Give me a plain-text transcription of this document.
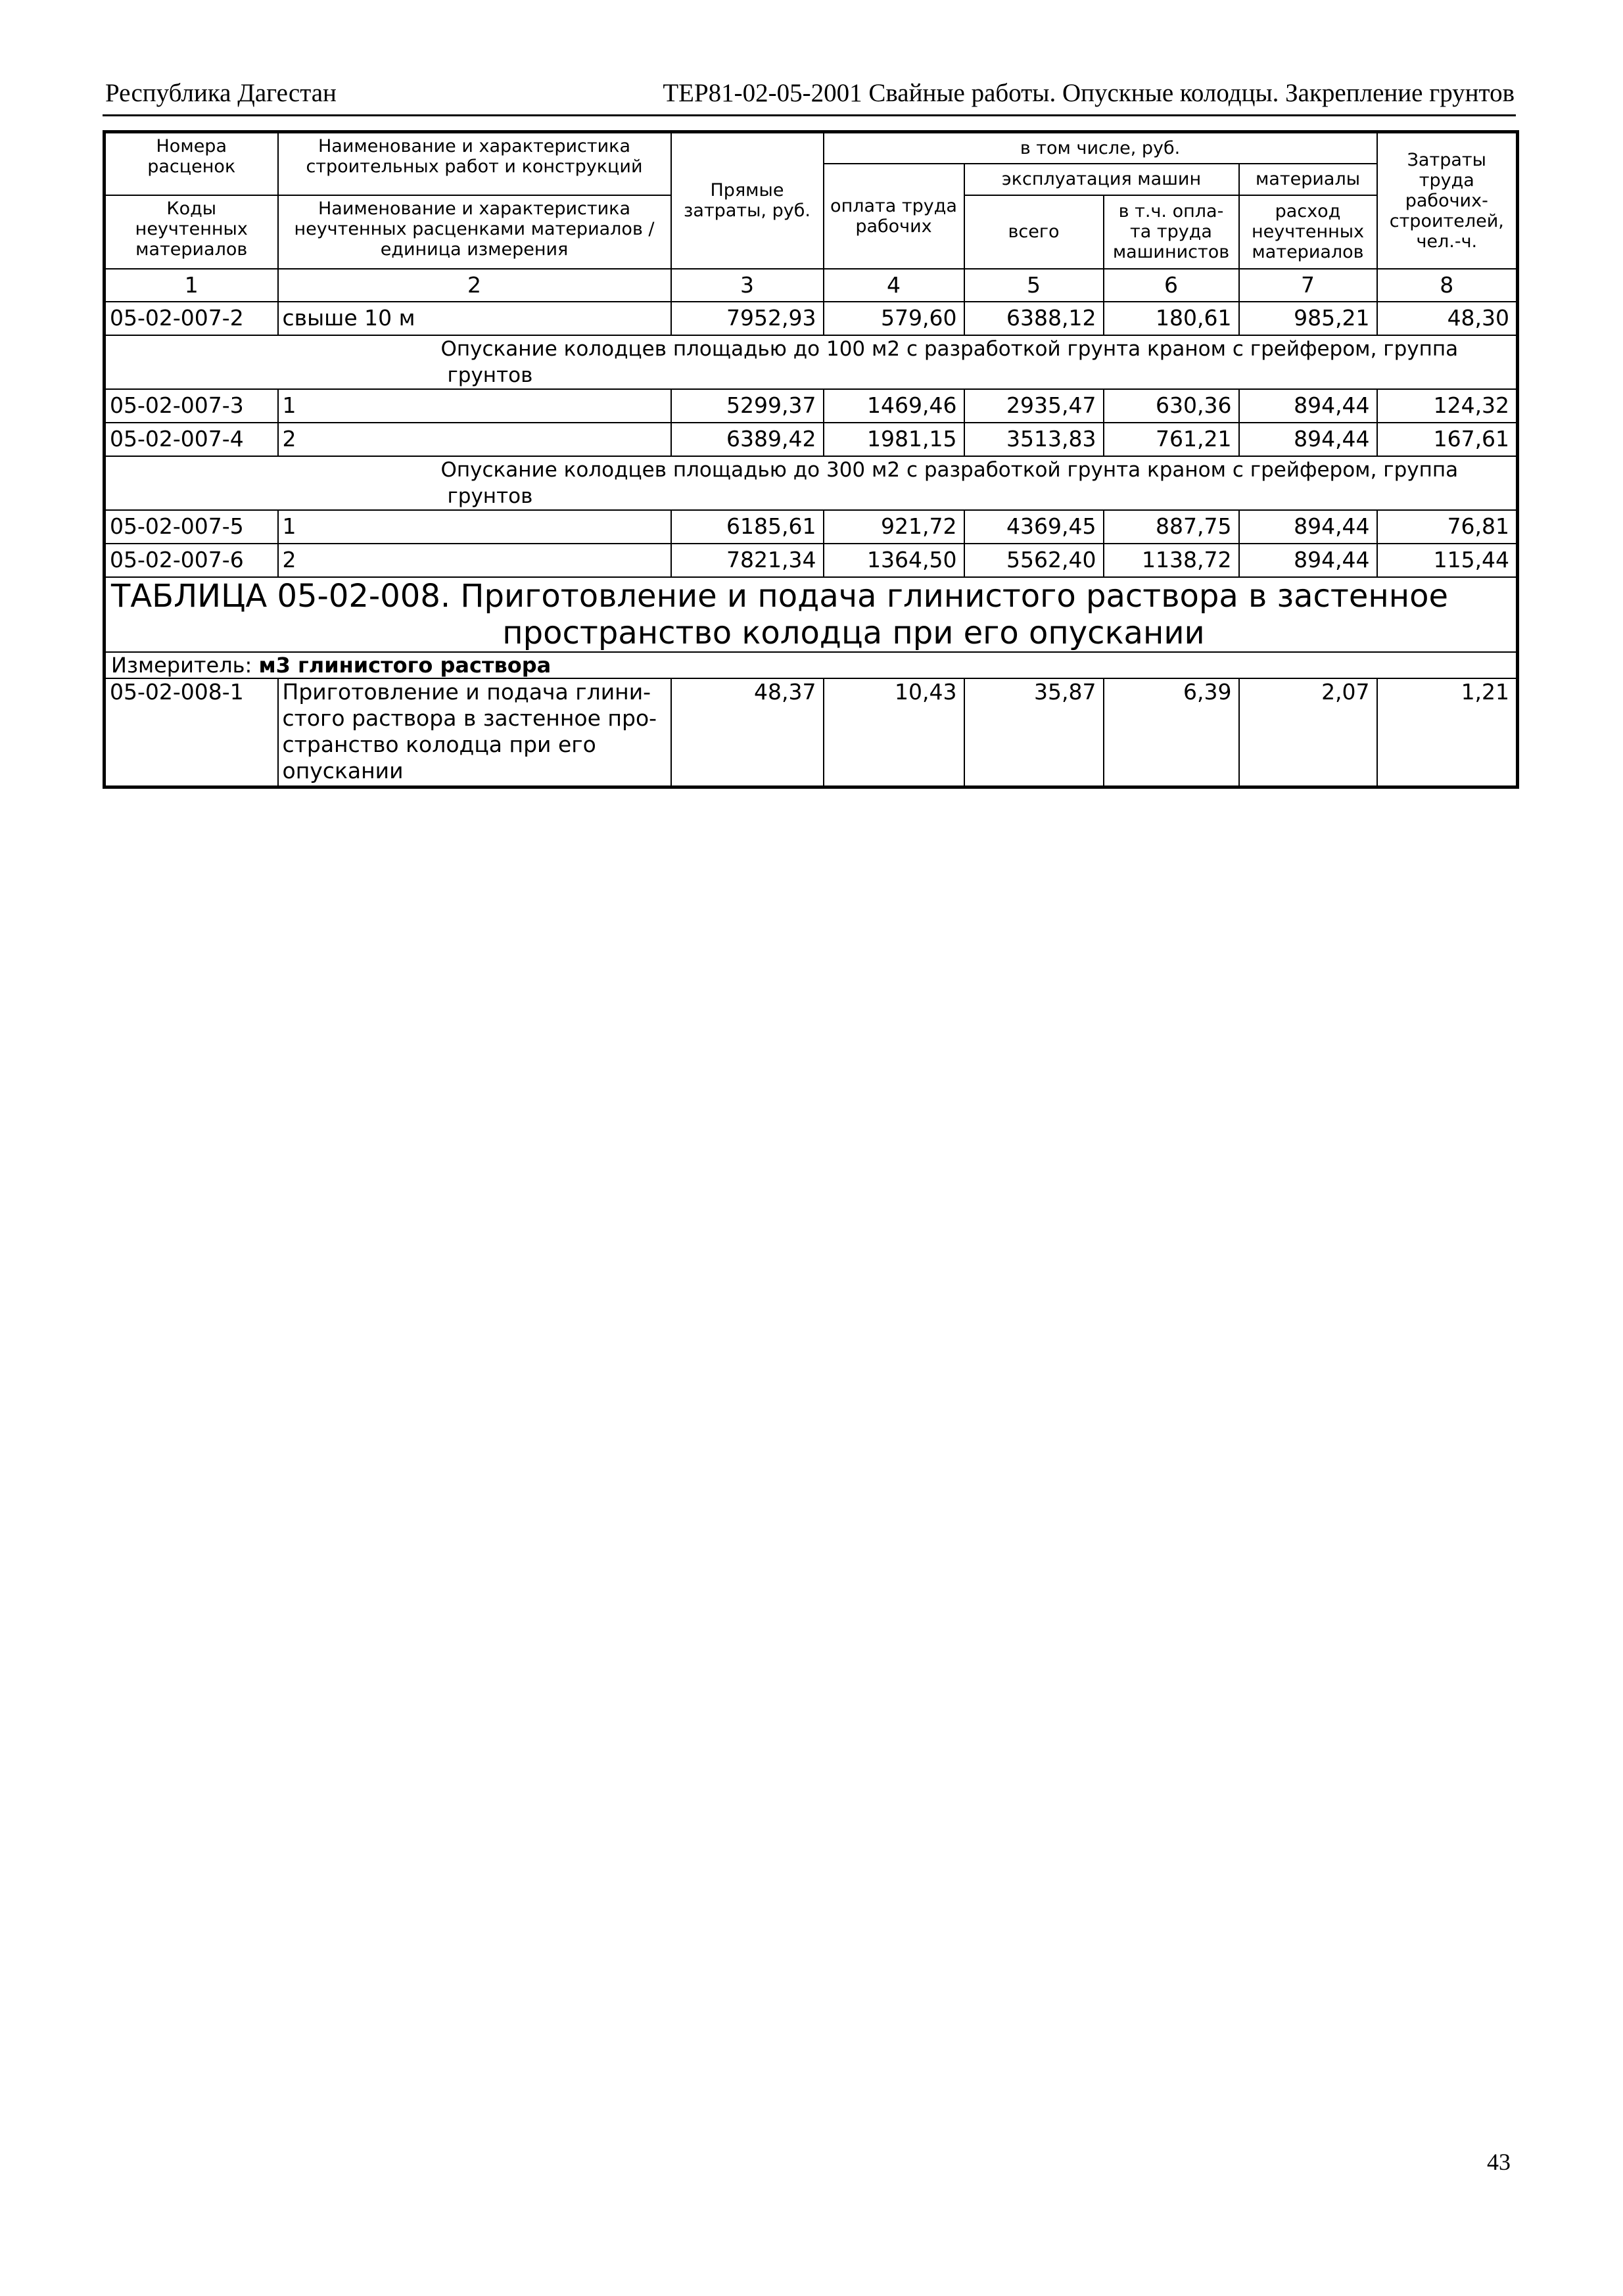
Республика Дагестан	ТЕР81-02-05-2001 Свайные работы. Опускные колодцы. Закрепление грунтов
Номера расценок	Наименование и характеристика строительных работ и конструкций	Прямые затраты, руб.	в том числе, руб.				Затраты труда рабочих-строителей, чел.-ч.
			оплата труда рабочих	эксплуатация машин		материалы	
Коды неучтенных материалов	Наименование и характеристика неучтенных расценками материалов / единица измерения			всего	в т.ч. опла-та труда машинистов	расход неучтенных материалов	

1	2	3	4	5	6	7	8
05-02-007-2	свыше 10 м	7952,93	579,60	6388,12	180,61	985,21	48,30
	Опускание колодцев площадью до 100 м2 с разработкой грунта краном с грейфером, группа грунтов						
05-02-007-3	1	5299,37	1469,46	2935,47	630,36	894,44	124,32
05-02-007-4	2	6389,42	1981,15	3513,83	761,21	894,44	167,61
	Опускание колодцев площадью до 300 м2 с разработкой грунта краном с грейфером, группа грунтов						
05-02-007-5	1	6185,61	921,72	4369,45	887,75	894,44	76,81
05-02-007-6	2	7821,34	1364,50	5562,40	1138,72	894,44	115,44
ТАБЛИЦА 05-02-008. Приготовление и подача глинистого раствора в застенное
пространство колодца при его опускании							

Измеритель: м3 глинистого раствора							
05-02-008-1	Приготовление и подача глини-стого раствора в застенное про-странство колодца при его опускании	48,37	10,43	35,87	6,39	2,07	1,21
43
